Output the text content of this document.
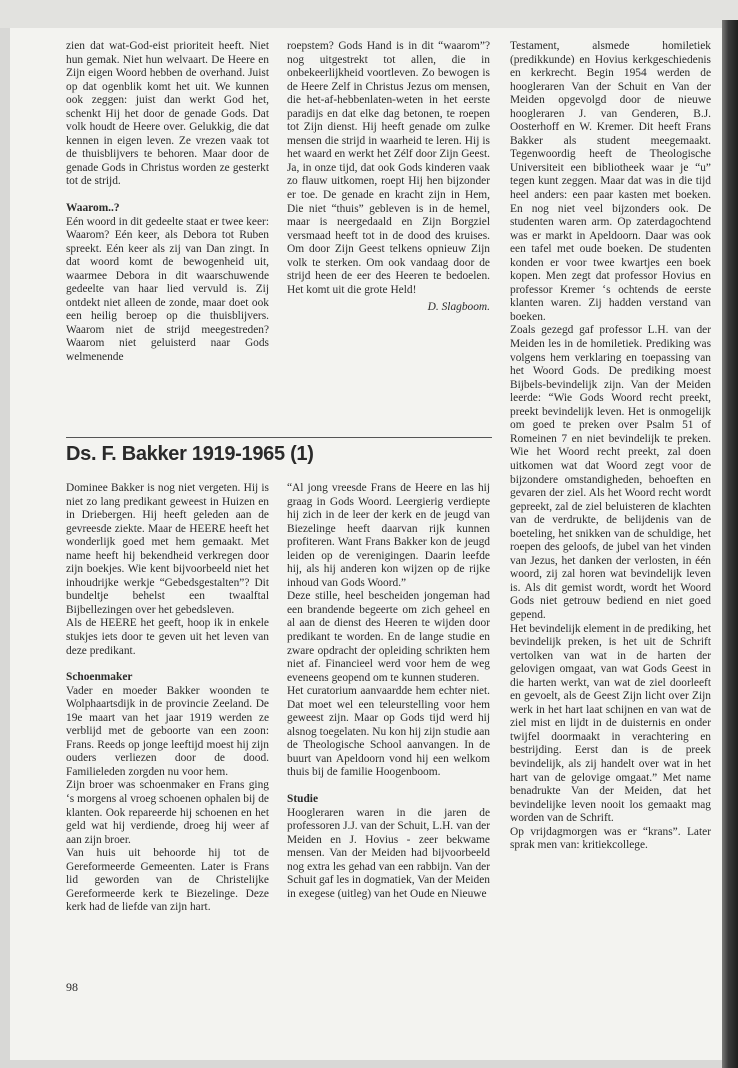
zien dat wat-God-eist prioriteit heeft. Niet hun gemak. Niet hun welvaart. De Heere en Zijn eigen Woord hebben de overhand. Juist op dat ogenblik komt het uit. We kunnen ook zeggen: juist dan werkt God het, schenkt Hij het door de genade Gods. Dat volk houdt de Heere over. Gelukkig, die dat kennen in eigen leven. Ze vrezen vaak tot de thuisblijvers te behoren. Maar door de genade Gods in Christus worden ze gesterkt tot de strijd.

Waarom..?

Eén woord in dit gedeelte staat er twee keer: Waarom? Eén keer, als Debora tot Ruben spreekt. Eén keer als zij van Dan zingt. In dat woord komt de bewogenheid uit, waarmee Debora in dit waarschuwende gedeelte van haar lied vervuld is. Zij ontdekt niet alleen de zonde, maar doet ook een heilig beroep op die thuisblijvers. Waarom niet de strijd meegestreden? Waarom niet geluisterd naar Gods welmenende

roepstem? Gods Hand is in dit “waarom”? nog uitgestrekt tot allen, die in onbekeerlijkheid voortleven. Zo bewogen is de Heere Zelf in Christus Jezus om mensen, die het-af-hebbenlaten-weten in het eerste paradijs en dat elke dag betonen, te roepen tot Zijn dienst. Hij heeft genade om zulke mensen die strijd in waarheid te leren. Hij is het waard en werkt het Zélf door Zijn Geest. Ja, in onze tijd, dat ook Gods kinderen vaak zo flauw uitkomen, roept Hij hen bijzonder er toe. De genade en kracht zijn in Hem, Die niet “thuis” gebleven is in de hemel, maar is neergedaald en Zijn Borgziel versmaad heeft tot in de dood des kruises. Om door Zijn Geest telkens opnieuw Zijn volk te sterken. Om ook vandaag door de strijd heen de eer des Heeren te bedoelen. Het komt uit die grote Held!

D. Slagboom.

Testament, alsmede homiletiek (predikkunde) en Hovius kerkgeschiedenis en kerkrecht. Begin 1954 werden de hoogleraren Van der Schuit en Van der Meiden opgevolgd door de nieuwe hoogleraren J. van Genderen, B.J. Oosterhoff en W. Kremer. Dit heeft Frans Bakker als student meegemaakt. Tegenwoordig heeft de Theologische Universiteit een bibliotheek waar je “u” tegen kunt zeggen. Maar dat was in die tijd heel anders: een paar kasten met boeken. En nog niet veel bijzonders ook. De studenten waren arm. Op zaterdagochtend was er markt in Apeldoorn. Daar was ook een tafel met oude boeken. De studenten konden er voor twee kwartjes een boek kopen. Men zegt dat professor Hovius en professor Kremer ‘s ochtends de eerste klanten waren. Zij hadden verstand van boeken.

Zoals gezegd gaf professor L.H. van der Meiden les in de homiletiek. Prediking was volgens hem verklaring en toepassing van het Woord Gods. De prediking moest Bijbels-bevindelijk zijn. Van der Meiden leerde: “Wie Gods Woord recht preekt, preekt bevindelijk leven. Het is onmogelijk om goed te preken over Psalm 51 of Romeinen 7 en niet bevindelijk te preken. Wie het Woord recht preekt, zal doen uitkomen wat dat Woord zegt voor de bijzondere omstandigheden, behoeften en gevaren der ziel. Als het Woord recht wordt gepreekt, zal de ziel beluisteren de klachten van de verdrukte, de belijdenis van de boeteling, het snikken van de schuldige, het roepen des geloofs, de jubel van het vinden van Jezus, het danken der verlosten, in één woord, zij zal horen wat bevindelijk leven is. Als dit gemist wordt, wordt het Woord Gods niet getrouw bediend en niet goed gepend.

Het bevindelijk element in de prediking, het bevindelijk preken, is het uit de Schrift vertolken van wat in de harten der gelovigen omgaat, van wat Gods Geest in die harten werkt, van wat de ziel doorleeft en gevoelt, als de Geest Zijn licht over Zijn werk in het hart laat schijnen en van wat de ziel mist en lijdt in de duisternis en onder twijfel doormaakt in verachtering en bestrijding. Eerst dan is de preek bevindelijk, als zij handelt over wat in het hart van de gelovige omgaat.” Met name benadrukte Van der Meiden, dat het bevindelijke leven nooit los gemaakt mag worden van de Schrift.

Op vrijdagmorgen was er “krans”. Later sprak men van: kritiekcollege.

Ds. F. Bakker 1919-1965 (1)

Dominee Bakker is nog niet vergeten. Hij is niet zo lang predikant geweest in Huizen en in Driebergen. Hij heeft geleden aan de gevreesde ziekte. Maar de HEERE heeft het wonderlijk goed met hem gemaakt. Met name heeft hij bekendheid verkregen door zijn boekjes. Wie kent bijvoorbeeld niet het inhoudrijke werkje “Gebedsgestalten”? Dit bundeltje behelst een twaalftal Bijbellezingen over het gebedsleven.

Als de HEERE het geeft, hoop ik in enkele stukjes iets door te geven uit het leven van deze predikant.

Schoenmaker

Vader en moeder Bakker woonden te Wolphaartsdijk in de provincie Zeeland. De 19e maart van het jaar 1919 werden ze verblijd met de geboorte van een zoon: Frans. Reeds op jonge leeftijd moest hij zijn ouders verliezen door de dood. Familieleden zorgden nu voor hem.

Zijn broer was schoenmaker en Frans ging ‘s morgens al vroeg schoenen ophalen bij de klanten. Ook repareerde hij schoenen en het geld wat hij verdiende, droeg hij weer af aan zijn broer.

Van huis uit behoorde hij tot de Gereformeerde Gemeenten. Later is Frans lid geworden van de Christelijke Gereformeerde kerk te Biezelinge. Deze kerk had de liefde van zijn hart.

“Al jong vreesde Frans de Heere en las hij graag in Gods Woord. Leergierig verdiepte hij zich in de leer der kerk en de jeugd van Biezelinge heeft daarvan rijk kunnen profiteren. Want Frans Bakker kon de jeugd leiden op de verenigingen. Daarin leefde hij, als hij anderen kon wijzen op de rijke inhoud van Gods Woord.”

Deze stille, heel bescheiden jongeman had een brandende begeerte om zich geheel en al aan de dienst des Heeren te wijden door predikant te worden. En de lange studie en zware opdracht der opleiding schrikten hem niet af. Financieel werd voor hem de weg eveneens geopend om te kunnen studeren.

Het curatorium aanvaardde hem echter niet. Dat moet wel een teleurstelling voor hem geweest zijn. Maar op Gods tijd werd hij alsnog toegelaten. Nu kon hij zijn studie aan de Theologische School aanvangen. In de buurt van Apeldoorn vond hij een welkom thuis bij de familie Hoogenboom.

Studie

Hoogleraren waren in die jaren de professoren J.J. van der Schuit, L.H. van der Meiden en J. Hovius - zeer bekwame mensen. Van der Meiden had bijvoorbeeld nog extra les gehad van een rabbijn. Van der Schuit gaf les in dogmatiek, Van der Meiden in exegese (uitleg) van het Oude en Nieuwe

98
